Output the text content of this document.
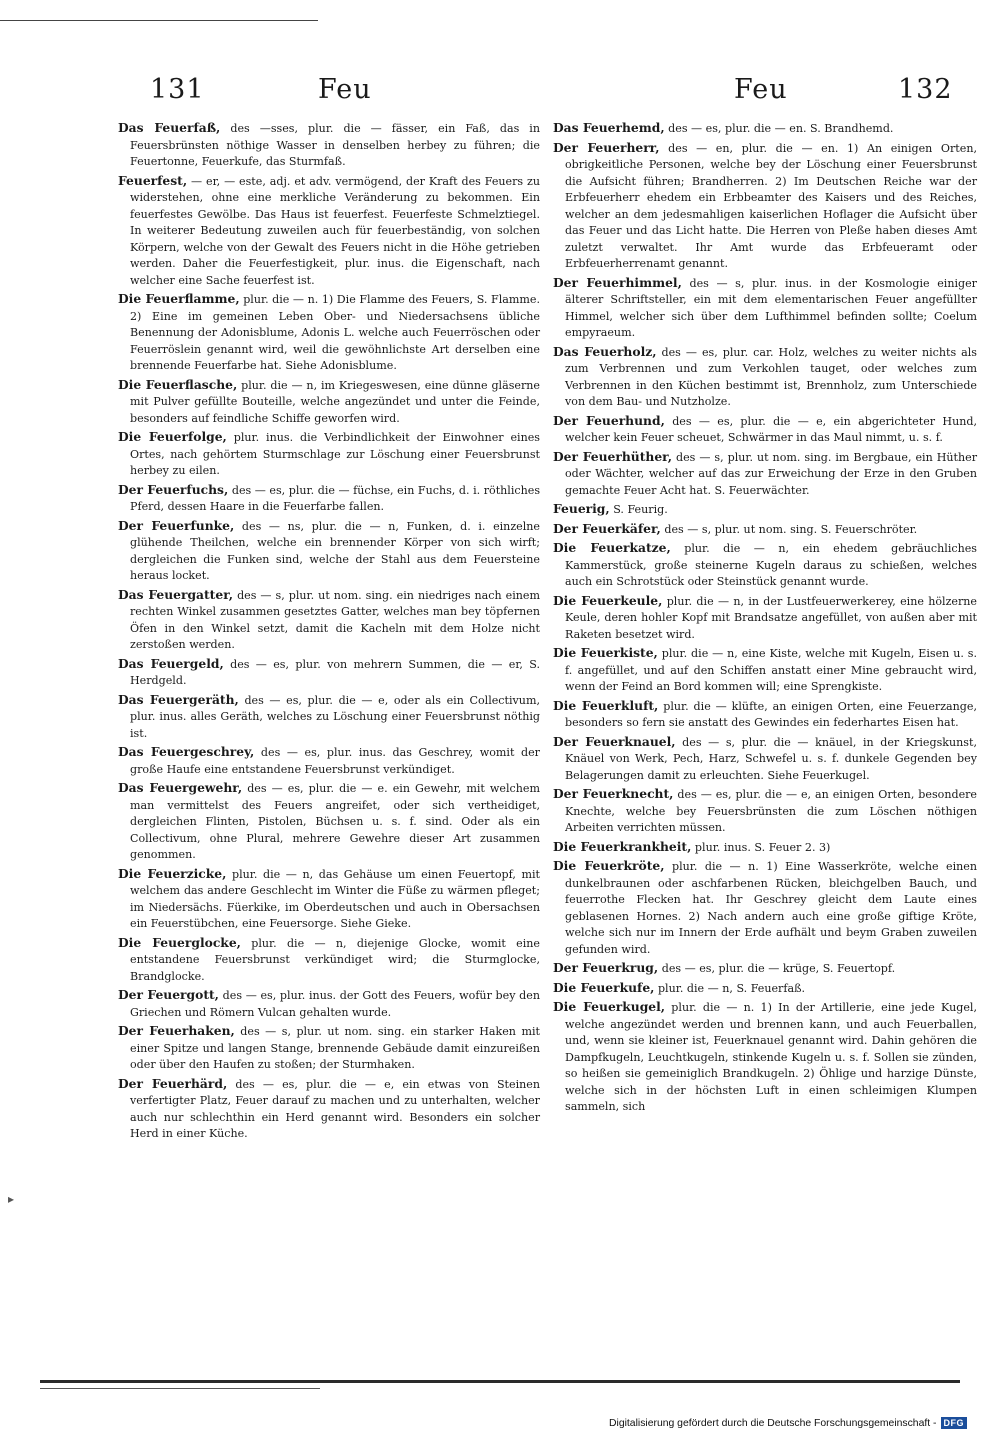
131	Feu	Feu	132

Das Feuerfaß, des —sses, plur. die — fässer, ein Faß, das in Feuersbrünsten nöthige Wasser in denselben herbey zu führen; die Feuertonne, Feuerkufe, das Sturmfaß.

Feuerfest, — er, — este, adj. et adv. vermögend, der Kraft des Feuers zu widerstehen, ohne eine merkliche Veränderung zu bekommen. Ein feuerfestes Gewölbe. Das Haus ist feuerfest. Feuerfeste Schmelztiegel. In weiterer Bedeutung zuweilen auch für feuerbeständig, von solchen Körpern, welche von der Gewalt des Feuers nicht in die Höhe getrieben werden. Daher die Feuerfestigkeit, plur. inus. die Eigenschaft, nach welcher eine Sache feuerfest ist.

Die Feuerflamme, plur. die — n. 1) Die Flamme des Feuers, S. Flamme. 2) Eine im gemeinen Leben Ober- und Niedersachsens übliche Benennung der Adonisblume, Adonis L. welche auch Feuerröschen oder Feuerröslein genannt wird, weil die gewöhnlichste Art derselben eine brennende Feuerfarbe hat. Siehe Adonisblume.

Die Feuerflasche, plur. die — n, im Kriegeswesen, eine dünne gläserne mit Pulver gefüllte Bouteille, welche angezündet und unter die Feinde, besonders auf feindliche Schiffe geworfen wird.

Die Feuerfolge, plur. inus. die Verbindlichkeit der Einwohner eines Ortes, nach gehörtem Sturmschlage zur Löschung einer Feuersbrunst herbey zu eilen.

Der Feuerfuchs, des — es, plur. die — füchse, ein Fuchs, d. i. röthliches Pferd, dessen Haare in die Feuerfarbe fallen.

Der Feuerfunke, des — ns, plur. die — n, Funken, d. i. einzelne glühende Theilchen, welche ein brennender Körper von sich wirft; dergleichen die Funken sind, welche der Stahl aus dem Feuersteine heraus locket.

Das Feuergatter, des — s, plur. ut nom. sing. ein niedriges nach einem rechten Winkel zusammen gesetztes Gatter, welches man bey töpfernen Öfen in den Winkel setzt, damit die Kacheln mit dem Holze nicht zerstoßen werden.

Das Feuergeld, des — es, plur. von mehrern Summen, die — er, S. Herdgeld.

Das Feuergeräth, des — es, plur. die — e, oder als ein Collectivum, plur. inus. alles Geräth, welches zu Löschung einer Feuersbrunst nöthig ist.

Das Feuergeschrey, des — es, plur. inus. das Geschrey, womit der große Haufe eine entstandene Feuersbrunst verkündiget.

Das Feuergewehr, des — es, plur. die — e. ein Gewehr, mit welchem man vermittelst des Feuers angreifet, oder sich vertheidiget, dergleichen Flinten, Pistolen, Büchsen u. s. f. sind. Oder als ein Collectivum, ohne Plural, mehrere Gewehre dieser Art zusammen genommen.

Die Feuerzicke, plur. die — n, das Gehäuse um einen Feuertopf, mit welchem das andere Geschlecht im Winter die Füße zu wärmen pfleget; im Niedersächs. Füerkike, im Oberdeutschen und auch in Obersachsen ein Feuerstübchen, eine Feuersorge. Siehe Gieke.

Die Feuerglocke, plur. die — n, diejenige Glocke, womit eine entstandene Feuersbrunst verkündiget wird; die Sturmglocke, Brandglocke.

Der Feuergott, des — es, plur. inus. der Gott des Feuers, wofür bey den Griechen und Römern Vulcan gehalten wurde.

Der Feuerhaken, des — s, plur. ut nom. sing. ein starker Haken mit einer Spitze und langen Stange, brennende Gebäude damit einzureißen oder über den Haufen zu stoßen; der Sturmhaken.

Der Feuerhärd, des — es, plur. die — e, ein etwas von Steinen verfertigter Platz, Feuer darauf zu machen und zu unterhalten, welcher auch nur schlechthin ein Herd genannt wird. Besonders ein solcher Herd in einer Küche.

Das Feuerhemd, des — es, plur. die — en. S. Brandhemd.

Der Feuerherr, des — en, plur. die — en. 1) An einigen Orten, obrigkeitliche Personen, welche bey der Löschung einer Feuersbrunst die Aufsicht führen; Brandherren. 2) Im Deutschen Reiche war der Erbfeuerherr ehedem ein Erbbeamter des Kaisers und des Reiches, welcher an dem jedesmahligen kaiserlichen Hoflager die Aufsicht über das Feuer und das Licht hatte. Die Herren von Pleße haben dieses Amt zuletzt verwaltet. Ihr Amt wurde das Erbfeueramt oder Erbfeuerherrenamt genannt.

Der Feuerhimmel, des — s, plur. inus. in der Kosmologie einiger älterer Schriftsteller, ein mit dem elementarischen Feuer angefüllter Himmel, welcher sich über dem Lufthimmel befinden sollte; Coelum empyraeum.

Das Feuerholz, des — es, plur. car. Holz, welches zu weiter nichts als zum Verbrennen und zum Verkohlen tauget, oder welches zum Verbrennen in den Küchen bestimmt ist, Brennholz, zum Unterschiede von dem Bau- und Nutzholze.

Der Feuerhund, des — es, plur. die — e, ein abgerichteter Hund, welcher kein Feuer scheuet, Schwärmer in das Maul nimmt, u. s. f.

Der Feuerhüther, des — s, plur. ut nom. sing. im Bergbaue, ein Hüther oder Wächter, welcher auf das zur Erweichung der Erze in den Gruben gemachte Feuer Acht hat. S. Feuerwächter.

Feuerig, S. Feurig.

Der Feuerkäfer, des — s, plur. ut nom. sing. S. Feuerschröter.

Die Feuerkatze, plur. die — n, ein ehedem gebräuchliches Kammerstück, große steinerne Kugeln daraus zu schießen, welches auch ein Schrotstück oder Steinstück genannt wurde.

Die Feuerkeule, plur. die — n, in der Lustfeuerwerkerey, eine hölzerne Keule, deren hohler Kopf mit Brandsatze angefüllet, von außen aber mit Raketen besetzet wird.

Die Feuerkiste, plur. die — n, eine Kiste, welche mit Kugeln, Eisen u. s. f. angefüllet, und auf den Schiffen anstatt einer Mine gebraucht wird, wenn der Feind an Bord kommen will; eine Sprengkiste.

Die Feuerkluft, plur. die — klüfte, an einigen Orten, eine Feuerzange, besonders so fern sie anstatt des Gewindes ein federhartes Eisen hat.

Der Feuerknauel, des — s, plur. die — knäuel, in der Kriegskunst, Knäuel von Werk, Pech, Harz, Schwefel u. s. f. dunkele Gegenden bey Belagerungen damit zu erleuchten. Siehe Feuerkugel.

Der Feuerknecht, des — es, plur. die — e, an einigen Orten, besondere Knechte, welche bey Feuersbrünsten die zum Löschen nöthigen Arbeiten verrichten müssen.

Die Feuerkrankheit, plur. inus. S. Feuer 2. 3)

Die Feuerkröte, plur. die — n. 1) Eine Wasserkröte, welche einen dunkelbraunen oder aschfarbenen Rücken, bleichgelben Bauch, und feuerrothe Flecken hat. Ihr Geschrey gleicht dem Laute eines geblasenen Hornes. 2) Nach andern auch eine große giftige Kröte, welche sich nur im Innern der Erde aufhält und beym Graben zuweilen gefunden wird.

Der Feuerkrug, des — es, plur. die — krüge, S. Feuertopf.

Die Feuerkufe, plur. die — n, S. Feuerfaß.

Die Feuerkugel, plur. die — n. 1) In der Artillerie, eine jede Kugel, welche angezündet werden und brennen kann, und auch Feuerballen, und, wenn sie kleiner ist, Feuerknauel genannt wird. Dahin gehören die Dampfkugeln, Leuchtkugeln, stinkende Kugeln u. s. f. Sollen sie zünden, so heißen sie gemeiniglich Brandkugeln. 2) Öhlige und harzige Dünste, welche sich in der höchsten Luft in einen schleimigen Klumpen sammeln, sich

▸
Digitalisierung gefördert durch die Deutsche Forschungsgemeinschaft - DFG
